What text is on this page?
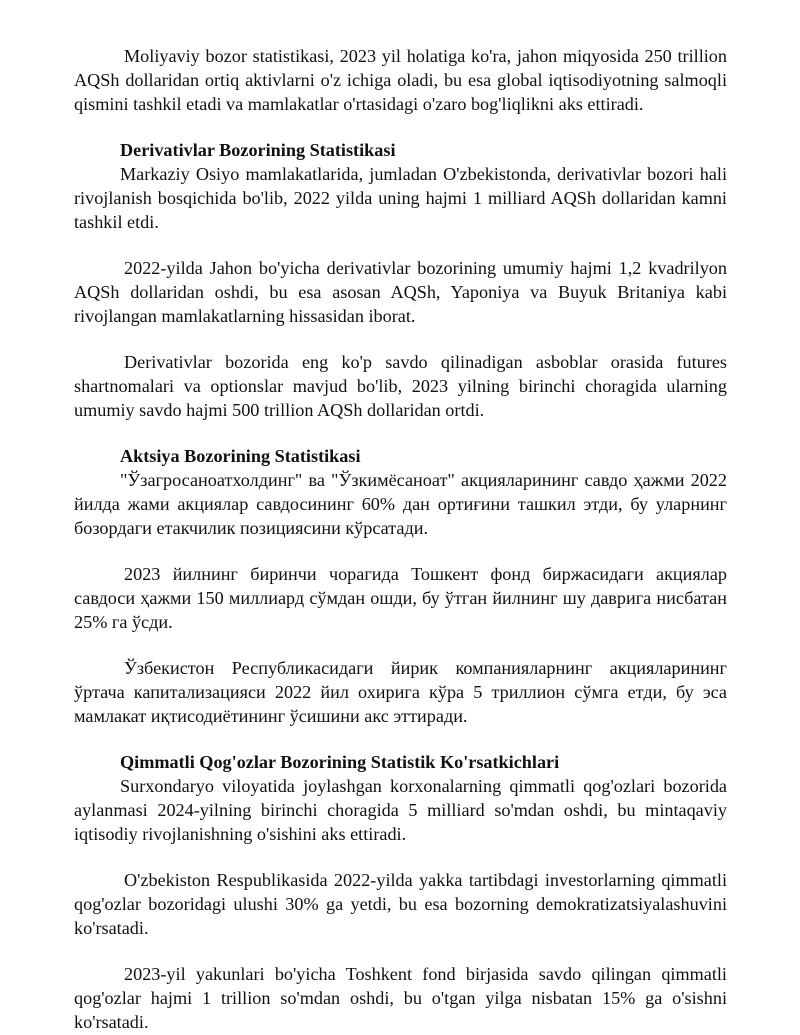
Moliyaviy bozor statistikasi, 2023 yil holatiga ko'ra, jahon miqyosida 250 trillion AQSh dollaridan ortiq aktivlarni o'z ichiga oladi, bu esa global iqtisodiyotning salmoqli qismini tashkil etadi va mamlakatlar o'rtasidagi o'zaro bog'liqlikni aks ettiradi.

Derivativlar Bozorining Statistikasi

Markaziy Osiyo mamlakatlarida, jumladan O'zbekistonda, derivativlar bozori hali rivojlanish bosqichida bo'lib, 2022 yilda uning hajmi 1 milliard AQSh dollaridan kamni tashkil etdi.

2022-yilda Jahon bo'yicha derivativlar bozorining umumiy hajmi 1,2 kvadrilyon AQSh dollaridan oshdi, bu esa asosan AQSh, Yaponiya va Buyuk Britaniya kabi rivojlangan mamlakatlarning hissasidan iborat.

Derivativlar bozorida eng ko'p savdo qilinadigan asboblar orasida futures shartnomalari va optionslar mavjud bo'lib, 2023 yilning birinchi choragida ularning umumiy savdo hajmi 500 trillion AQSh dollaridan ortdi.

Aktsiya Bozorining Statistikasi

"Ўзагросаноатхолдинг" ва "Ўзкимёсаноат" акцияларининг савдо ҳажми 2022 йилда жами акциялар савдосининг 60% дан ортиғини ташкил этди, бу уларнинг бозордаги етакчилик позициясини кўрсатади.

2023 йилнинг биринчи чорагида Тошкент фонд биржасидаги акциялар савдоси ҳажми 150 миллиард сўмдан ошди, бу ўтган йилнинг шу даврига нисбатан 25% га ўсди.

Ўзбекистон Республикасидаги йирик компанияларнинг акцияларининг ўртача капитализацияси 2022 йил охирига кўра 5 триллион сўмга етди, бу эса мамлакат иқтисодиётининг ўсишини акс эттиради.

Qimmatli Qog'ozlar Bozorining Statistik Ko'rsatkichlari

Surxondaryo viloyatida joylashgan korxonalarning qimmatli qog'ozlari bozorida aylanmasi 2024-yilning birinchi choragida 5 milliard so'mdan oshdi, bu mintaqaviy iqtisodiy rivojlanishning o'sishini aks ettiradi.

O'zbekiston Respublikasida 2022-yilda yakka tartibdagi investorlarning qimmatli qog'ozlar bozoridagi ulushi 30% ga yetdi, bu esa bozorning demokratizatsiyalashuvini ko'rsatadi.

2023-yil yakunlari bo'yicha Toshkent fond birjasida savdo qilingan qimmatli qog'ozlar hajmi 1 trillion so'mdan oshdi, bu o'tgan yilga nisbatan 15% ga o'sishni ko'rsatadi.
